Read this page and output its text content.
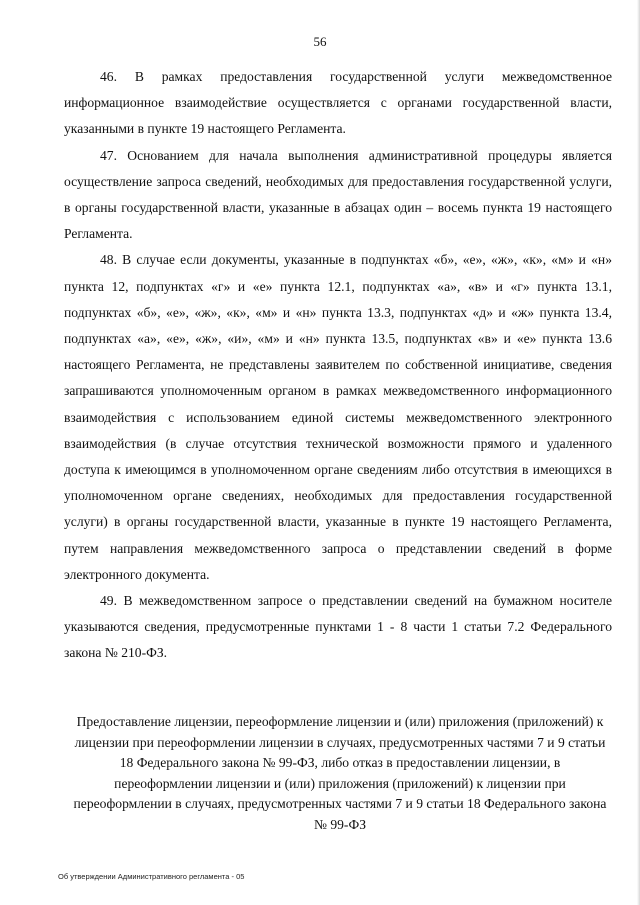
56

46. В рамках предоставления государственной услуги межведомственное информационное взаимодействие осуществляется с органами государственной власти, указанными в пункте 19 настоящего Регламента.

47. Основанием для начала выполнения административной процедуры является осуществление запроса сведений, необходимых для предоставления государственной услуги, в органы государственной власти, указанные в абзацах один – восемь пункта 19 настоящего Регламента.

48. В случае если документы, указанные в подпунктах «б», «е», «ж», «к», «м» и «н» пункта 12, подпунктах «г» и «е» пункта 12.1, подпунктах «а», «в» и «г» пункта 13.1, подпунктах «б», «е», «ж», «к», «м» и «н» пункта 13.3, подпунктах «д» и «ж» пункта 13.4, подпунктах «а», «е», «ж», «и», «м» и «н» пункта 13.5, подпунктах «в» и «е» пункта 13.6 настоящего Регламента, не представлены заявителем по собственной инициативе, сведения запрашиваются уполномоченным органом в рамках межведомственного информационного взаимодействия с использованием единой системы межведомственного электронного взаимодействия (в случае отсутствия технической возможности прямого и удаленного доступа к имеющимся в уполномоченном органе сведениям либо отсутствия в имеющихся в уполномоченном органе сведениях, необходимых для предоставления государственной услуги) в органы государственной власти, указанные в пункте 19 настоящего Регламента, путем направления межведомственного запроса о представлении сведений в форме электронного документа.

49. В межведомственном запросе о представлении сведений на бумажном носителе указываются сведения, предусмотренные пунктами 1 - 8 части 1 статьи 7.2 Федерального закона № 210-ФЗ.

Предоставление лицензии, переоформление лицензии и (или) приложения (приложений) к лицензии при переоформлении лицензии в случаях, предусмотренных частями 7 и 9 статьи 18 Федерального закона № 99-ФЗ, либо отказ в предоставлении лицензии, в переоформлении лицензии и (или) приложения (приложений) к лицензии при переоформлении в случаях, предусмотренных частями 7 и 9 статьи 18 Федерального закона № 99-ФЗ

Об утверждении Административного регламента - 05
